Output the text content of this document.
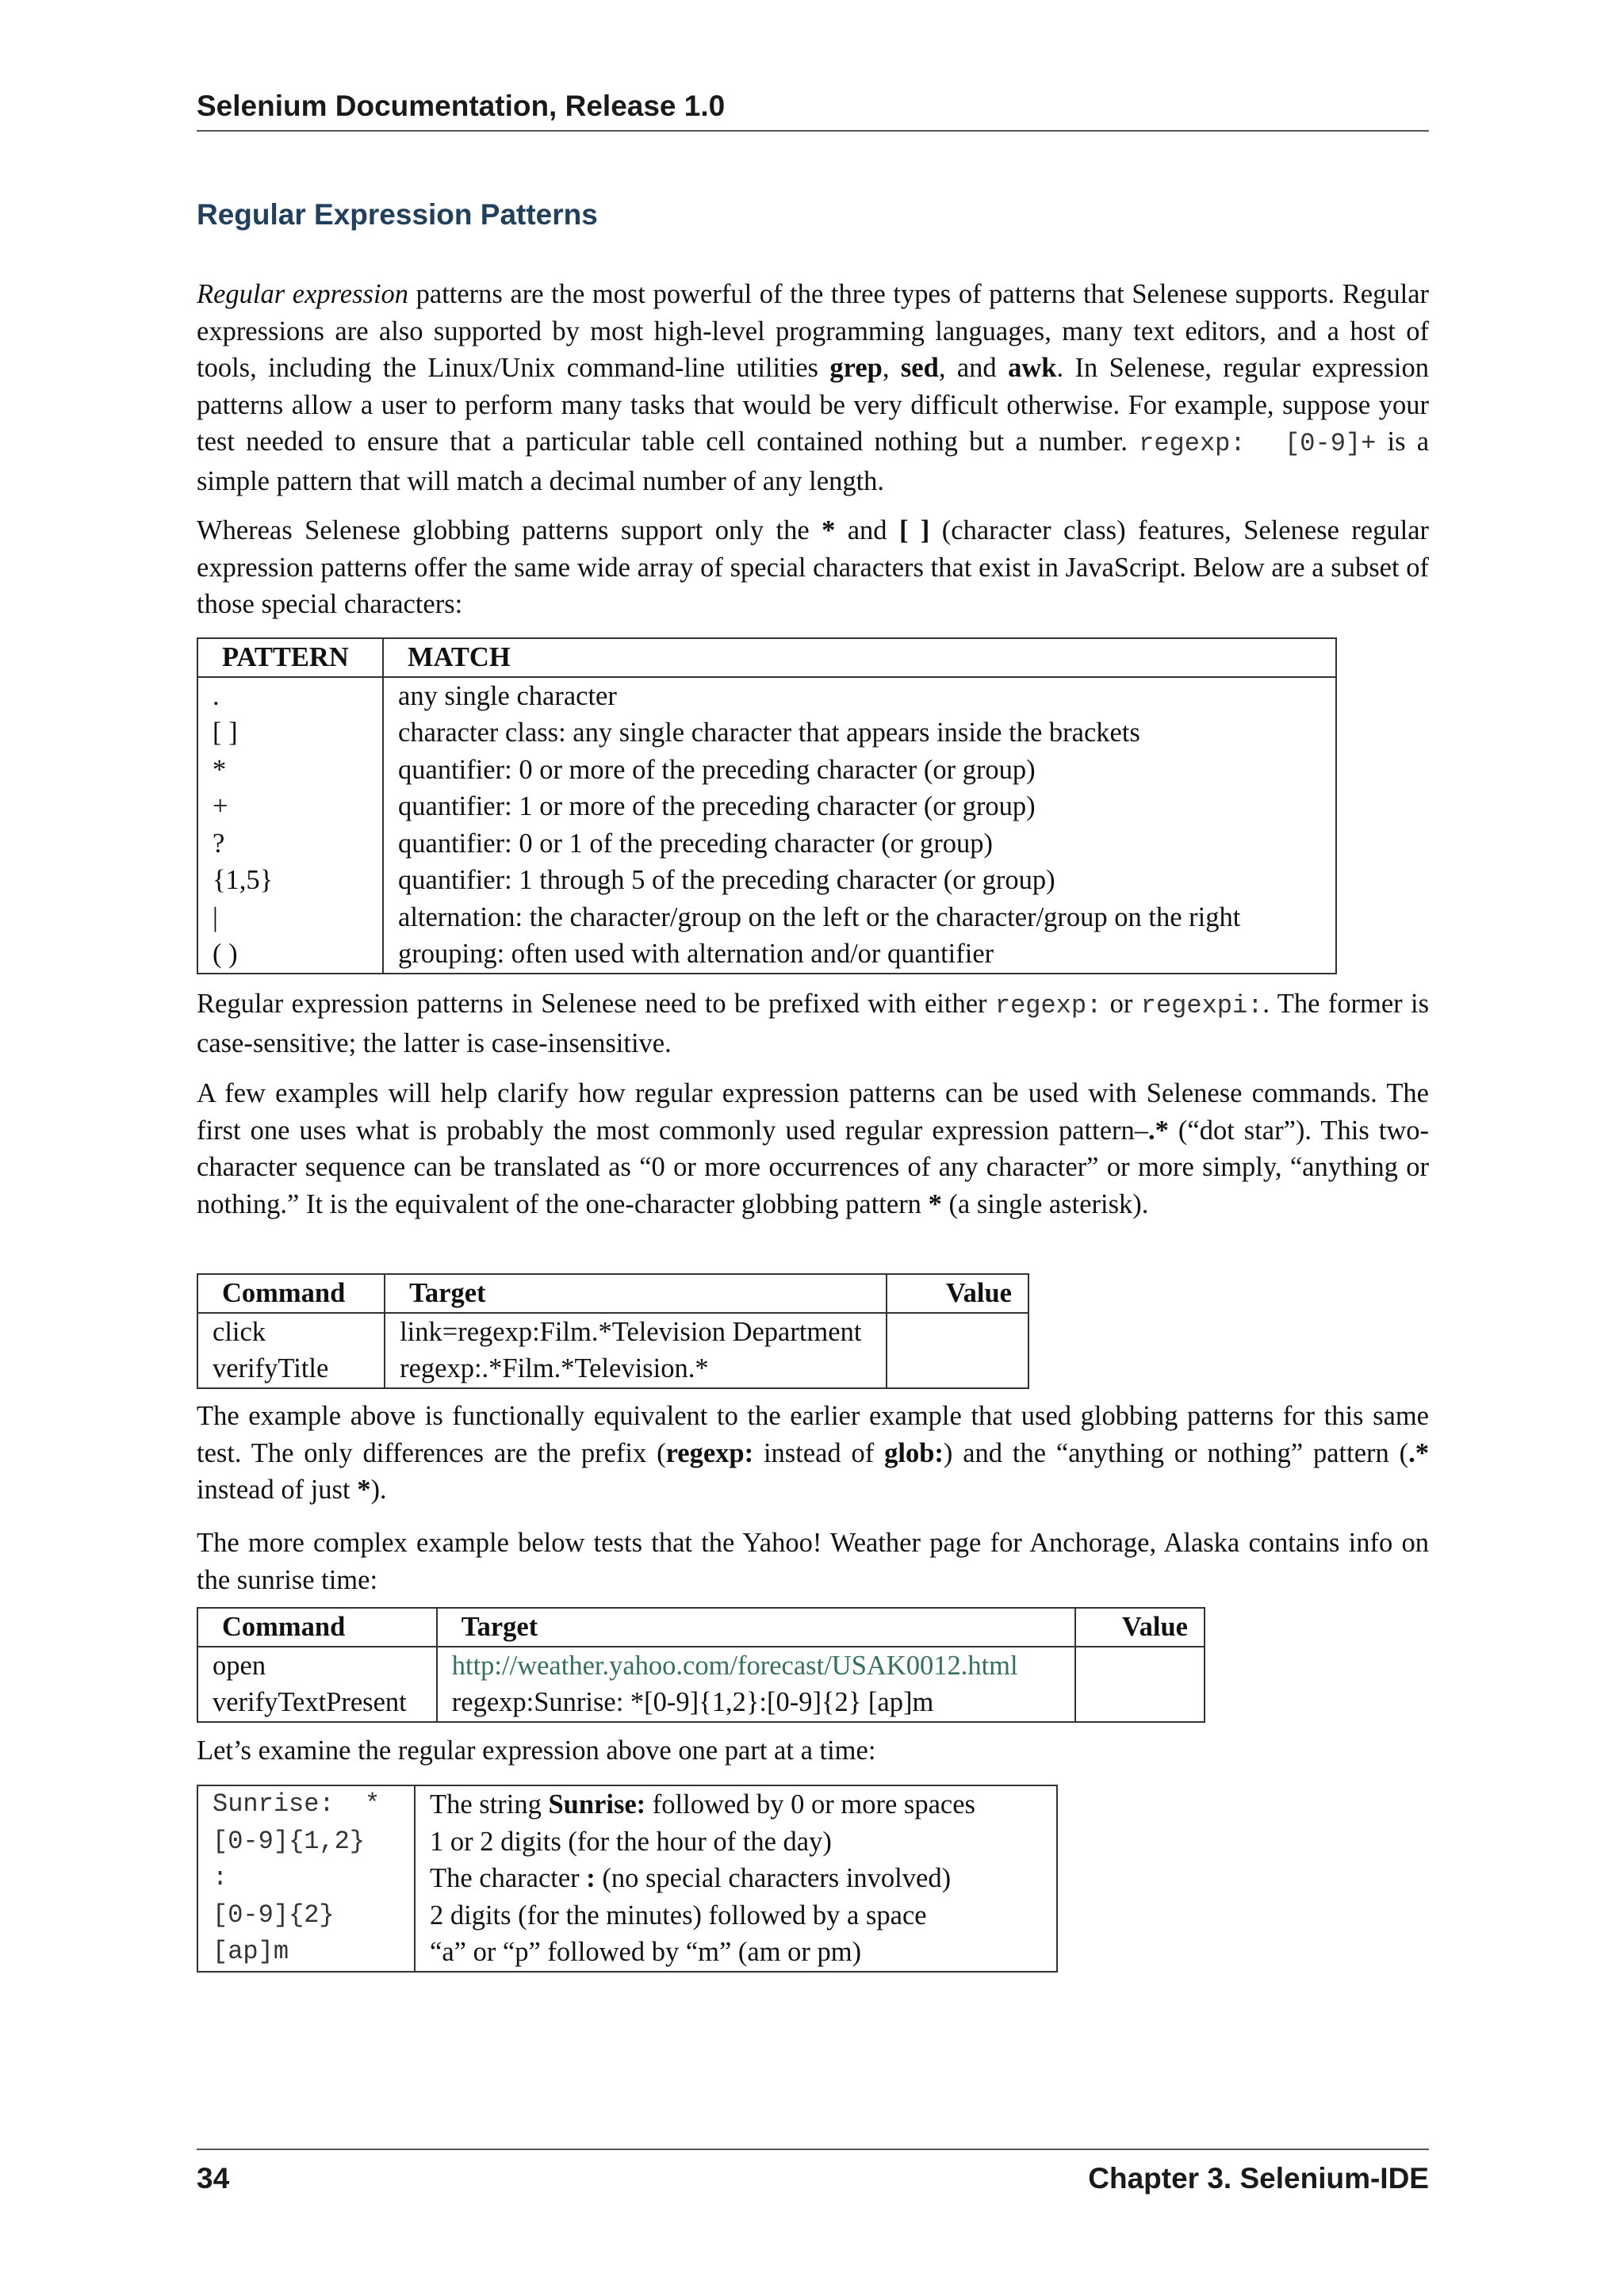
Selenium Documentation, Release 1.0
Regular Expression Patterns

Regular expression patterns are the most powerful of the three types of patterns that Selenese supports. Regular expressions are also supported by most high-level programming languages, many text editors, and a host of tools, including the Linux/Unix command-line utilities grep, sed, and awk. In Selenese, regular expression patterns allow a user to perform many tasks that would be very difficult otherwise. For example, suppose your test needed to ensure that a particular table cell contained nothing but a number. regexp:  [0-9]+ is a simple pattern that will match a decimal number of any length.

Whereas Selenese globbing patterns support only the * and [ ] (character class) features, Selenese regular expression patterns offer the same wide array of special characters that exist in JavaScript. Below are a subset of those special characters:

PATTERN	MATCH
.	any single character
[ ]	character class: any single character that appears inside the brackets
*	quantifier: 0 or more of the preceding character (or group)
+	quantifier: 1 or more of the preceding character (or group)
?	quantifier: 0 or 1 of the preceding character (or group)
{1,5}	quantifier: 1 through 5 of the preceding character (or group)
|	alternation: the character/group on the left or the character/group on the right
( )	grouping: often used with alternation and/or quantifier

Regular expression patterns in Selenese need to be prefixed with either regexp: or regexpi:. The former is case-sensitive; the latter is case-insensitive.

A few examples will help clarify how regular expression patterns can be used with Selenese commands. The first one uses what is probably the most commonly used regular expression pattern–.* (“dot star”). This two-character sequence can be translated as “0 or more occurrences of any character” or more simply, “anything or nothing.” It is the equivalent of the one-character globbing pattern * (a single asterisk).

Command	Target	Value
click	link=regexp:Film.*Television Department	
verifyTitle	regexp:.*Film.*Television.*	

The example above is functionally equivalent to the earlier example that used globbing patterns for this same test. The only differences are the prefix (regexp: instead of glob:) and the “anything or nothing” pattern (.* instead of just *).

The more complex example below tests that the Yahoo! Weather page for Anchorage, Alaska contains info on the sunrise time:

Command	Target	Value
open	http://weather.yahoo.com/forecast/USAK0012.html	
verifyTextPresent	regexp:Sunrise: *[0-9]{1,2}:[0-9]{2} [ap]m	

Let’s examine the regular expression above one part at a time:

Sunrise:  *	The string Sunrise: followed by 0 or more spaces
[0-9]{1,2}	1 or 2 digits (for the hour of the day)
:	The character : (no special characters involved)
[0-9]{2}	2 digits (for the minutes) followed by a space
[ap]m	“a” or “p” followed by “m” (am or pm)
34	Chapter 3. Selenium-IDE
